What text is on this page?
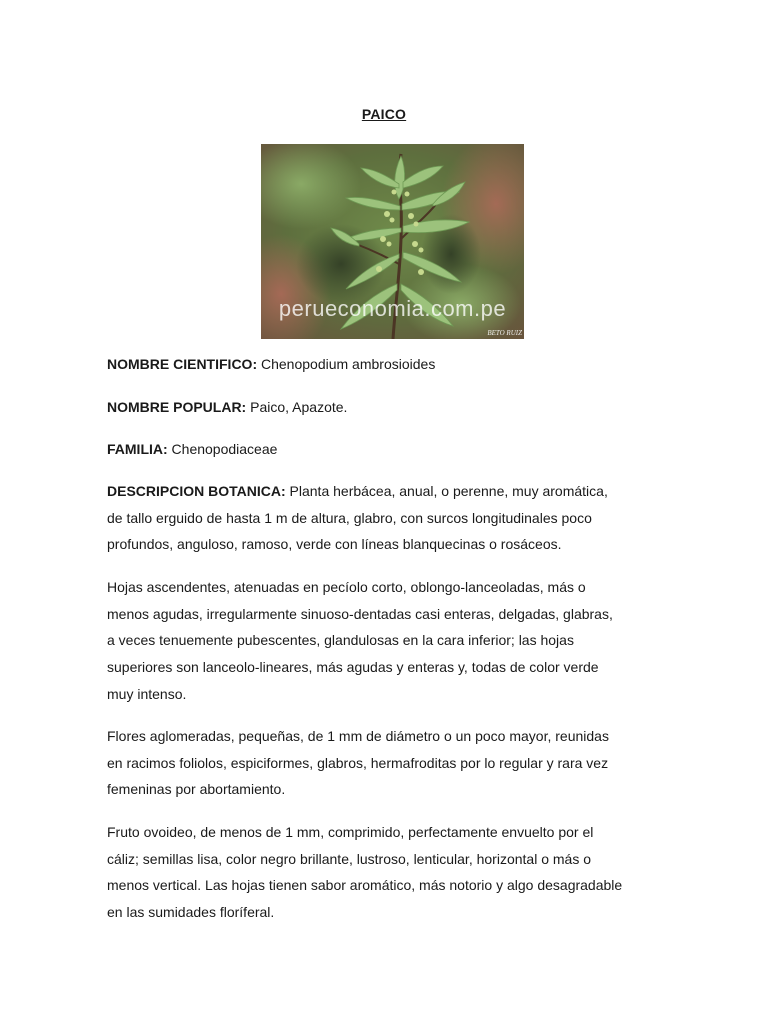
PAICO
perueconomia.com.pe
BETO RUIZ
NOMBRE CIENTIFICO: Chenopodium ambrosioides
NOMBRE POPULAR: Paico, Apazote.
FAMILIA: Chenopodiaceae
DESCRIPCION BOTANICA: Planta herbácea, anual, o perenne, muy aromática,
de tallo erguido de hasta 1 m de altura, glabro, con surcos longitudinales poco
profundos, anguloso, ramoso, verde con líneas blanquecinas o rosáceos.
Hojas ascendentes, atenuadas en pecíolo corto, oblongo-lanceoladas, más o
menos agudas, irregularmente sinuoso-dentadas casi enteras, delgadas, glabras,
a veces tenuemente pubescentes, glandulosas en la cara inferior; las hojas
superiores son lanceolo-lineares, más agudas y enteras y, todas de color verde
muy intenso.
Flores aglomeradas, pequeñas, de 1 mm de diámetro o un poco mayor, reunidas
en racimos foliolos, espiciformes, glabros, hermafroditas por lo regular y rara vez
femeninas por abortamiento.
Fruto ovoideo, de menos de 1 mm, comprimido, perfectamente envuelto por el
cáliz; semillas lisa, color negro brillante, lustroso, lenticular, horizontal o más o
menos vertical. Las hojas tienen sabor aromático, más notorio y algo desagradable
en las sumidades floríferal.
